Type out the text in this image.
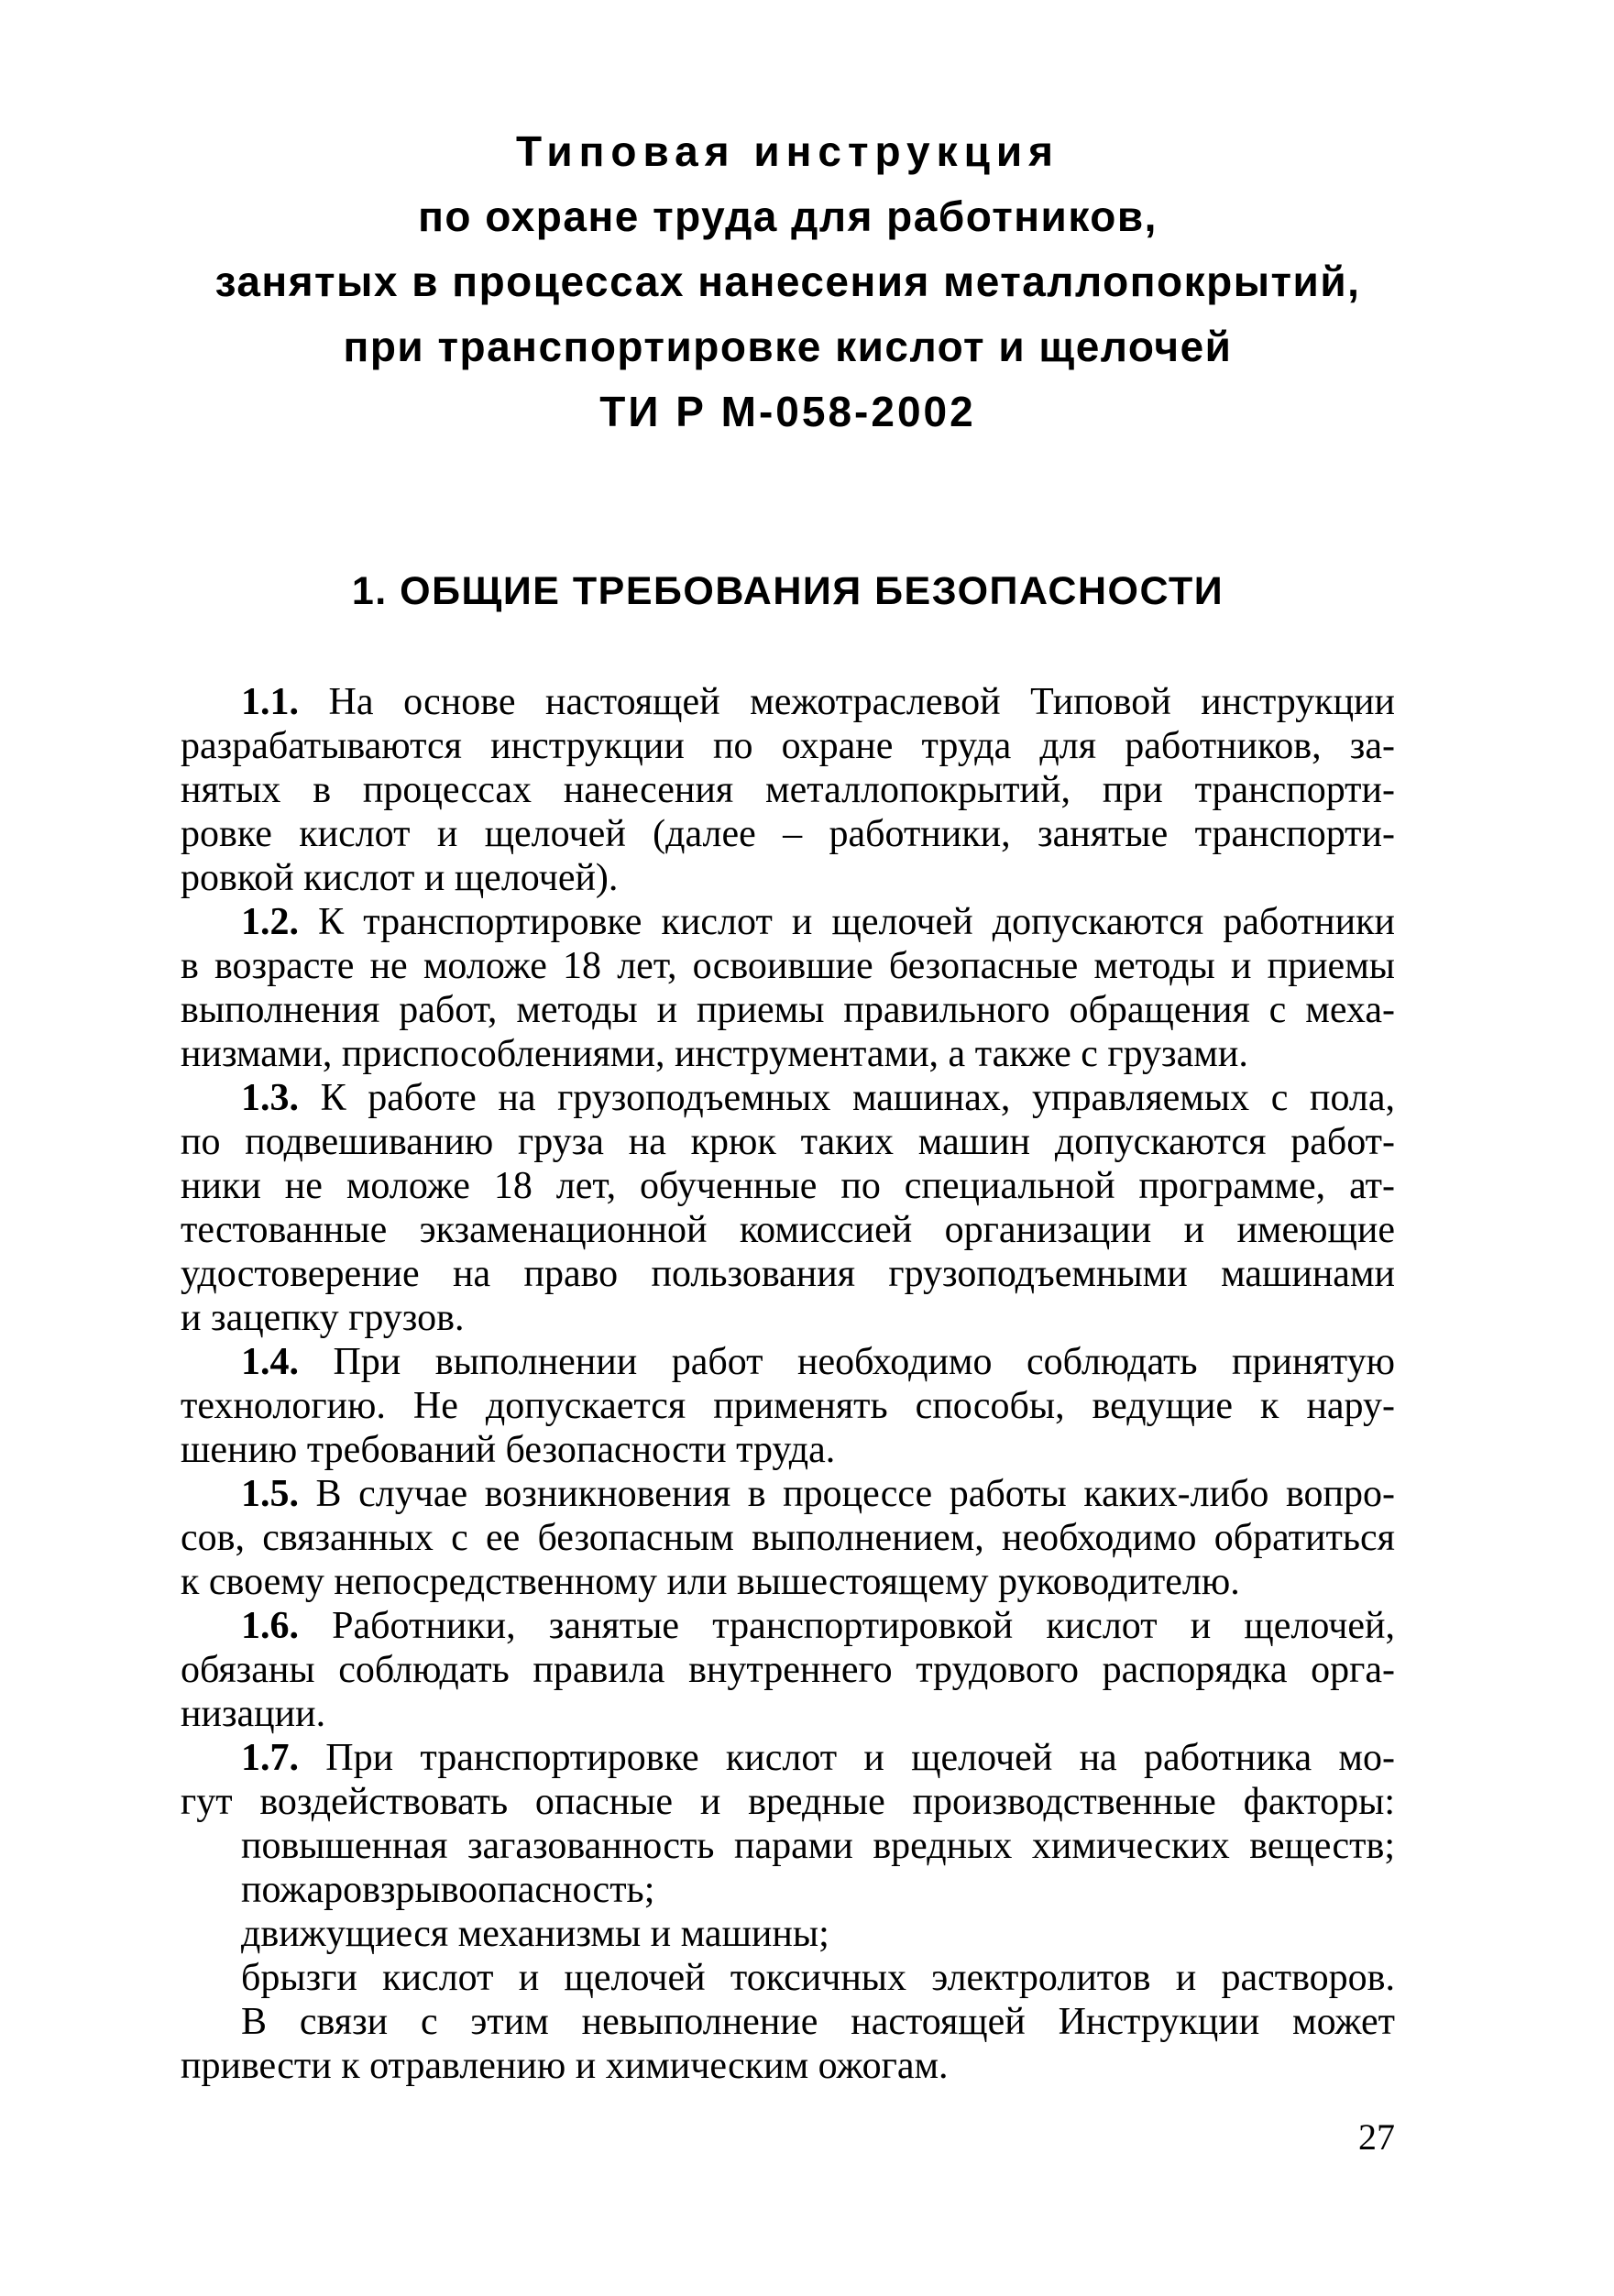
Типовая инструкция
по охране труда для работников,
занятых в процессах нанесения металлопокрытий,
при транспортировке кислот и щелочей
ТИ Р М-058-2002
1. ОБЩИЕ ТРЕБОВАНИЯ БЕЗОПАСНОСТИ
1.1. На основе настоящей межотраслевой Типовой инструкции
разрабатываются инструкции по охране труда для работников, за-
нятых в процессах нанесения металлопокрытий, при транспорти-
ровке кислот и щелочей (далее – работники, занятые транспорти-
ровкой кислот и щелочей).
1.2. К транспортировке кислот и щелочей допускаются работники
в возрасте не моложе 18 лет, освоившие безопасные методы и приемы
выполнения работ, методы и приемы правильного обращения с меха-
низмами, приспособлениями, инструментами, а также с грузами.
1.3. К работе на грузоподъемных машинах, управляемых с пола,
по подвешиванию груза на крюк таких машин допускаются работ-
ники не моложе 18 лет, обученные по специальной программе, ат-
тестованные экзаменационной комиссией организации и имеющие
удостоверение на право пользования грузоподъемными машинами
и зацепку грузов.
1.4. При выполнении работ необходимо соблюдать принятую
технологию. Не допускается применять способы, ведущие к нару-
шению требований безопасности труда.
1.5. В случае возникновения в процессе работы каких-либо вопро-
сов, связанных с ее безопасным выполнением, необходимо обратиться
к своему непосредственному или вышестоящему руководителю.
1.6. Работники, занятые транспортировкой кислот и щелочей,
обязаны соблюдать правила внутреннего трудового распорядка орга-
низации.
1.7. При транспортировке кислот и щелочей на работника мо-
гут воздействовать опасные и вредные производственные факторы:
повышенная загазованность парами вредных химических веществ;
пожаровзрывоопасность;
движущиеся механизмы и машины;
брызги кислот и щелочей токсичных электролитов и растворов.
В связи с этим невыполнение настоящей Инструкции может
привести к отравлению и химическим ожогам.
27
